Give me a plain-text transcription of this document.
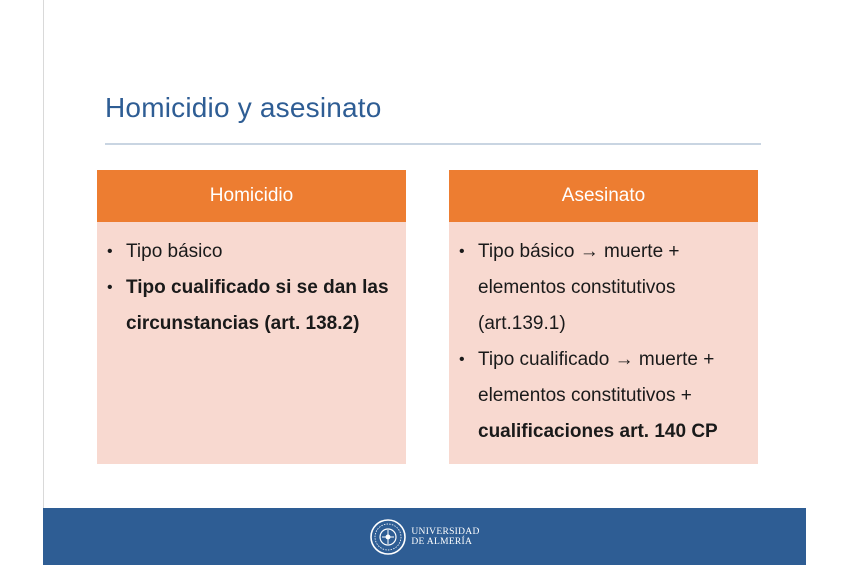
Homicidio y asesinato
Homicidio
• Tipo básico
• Tipo cualificado si se dan las circunstancias (art. 138.2)
Asesinato
• Tipo básico → muerte + elementos constitutivos (art.139.1)
• Tipo cualificado → muerte + elementos constitutivos + cualificaciones art. 140 CP
UNIVERSIDAD
DE ALMERÍA
